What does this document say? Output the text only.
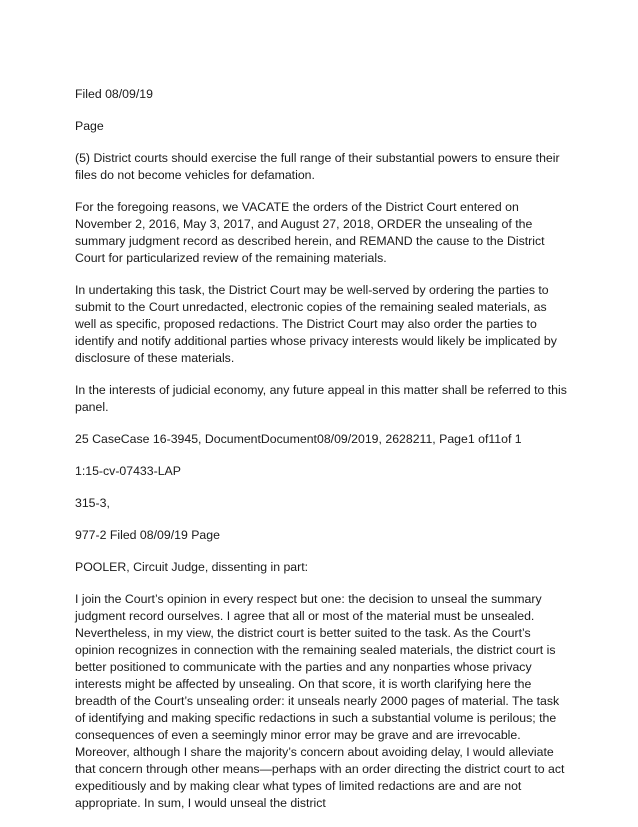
Filed 08/09/19

Page

(5) District courts should exercise the full range of their substantial powers to ensure their files do not become vehicles for defamation.

For the foregoing reasons, we VACATE the orders of the District Court entered on November 2, 2016, May 3, 2017, and August 27, 2018, ORDER the unsealing of the summary judgment record as described herein, and REMAND the cause to the District Court for particularized review of the remaining materials.

In undertaking this task, the District Court may be well-served by ordering the parties to submit to the Court unredacted, electronic copies of the remaining sealed materials, as well as specific, proposed redactions. The District Court may also order the parties to identify and notify additional parties whose privacy interests would likely be implicated by disclosure of these materials.

In the interests of judicial economy, any future appeal in this matter shall be referred to this panel.

25 CaseCase 16-3945, DocumentDocument08/09/2019, 2628211, Page1 of11of 1

1:15-cv-07433-LAP

315-3,

977-2 Filed 08/09/19 Page

POOLER, Circuit Judge, dissenting in part:

I join the Court’s opinion in every respect but one: the decision to unseal the summary judgment record ourselves. I agree that all or most of the material must be unsealed. Nevertheless, in my view, the district court is better suited to the task. As the Court’s opinion recognizes in connection with the remaining sealed materials, the district court is better positioned to communicate with the parties and any nonparties whose privacy interests might be affected by unsealing. On that score, it is worth clarifying here the breadth of the Court’s unsealing order: it unseals nearly 2000 pages of material. The task of identifying and making specific redactions in such a substantial volume is perilous; the consequences of even a seemingly minor error may be grave and are irrevocable. Moreover, although I share the majority’s concern about avoiding delay, I would alleviate that concern through other means—perhaps with an order directing the district court to act expeditiously and by making clear what types of limited redactions are and are not appropriate. In sum, I would unseal the district
